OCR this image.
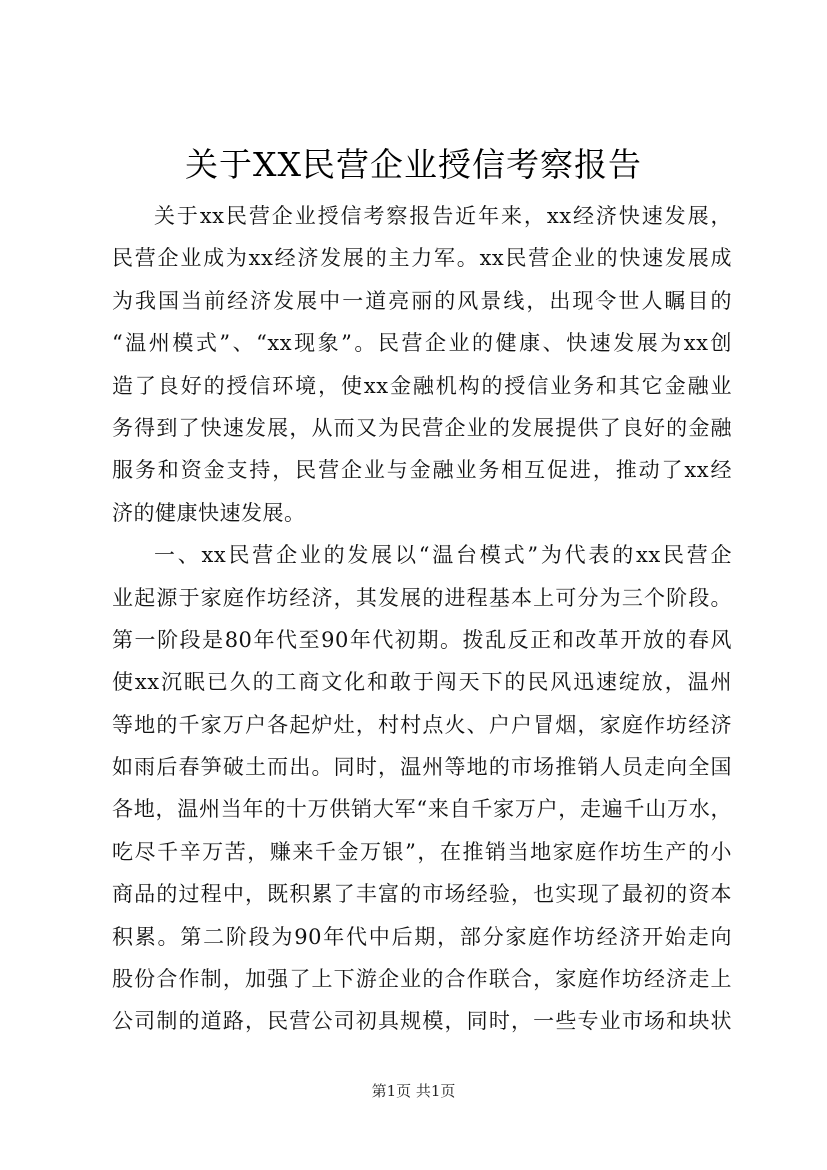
关于XX民营企业授信考察报告
关于xx民营企业授信考察报告近年来，xx经济快速发展，
民营企业成为xx经济发展的主力军。xx民营企业的快速发展成
为我国当前经济发展中一道亮丽的风景线，出现令世人瞩目的
“温州模式”、“xx现象”。民营企业的健康、快速发展为xx创
造了良好的授信环境，使xx金融机构的授信业务和其它金融业
务得到了快速发展，从而又为民营企业的发展提供了良好的金融
服务和资金支持，民营企业与金融业务相互促进，推动了xx经
济的健康快速发展。
一、xx民营企业的发展以“温台模式”为代表的xx民营企
业起源于家庭作坊经济，其发展的进程基本上可分为三个阶段。
第一阶段是80年代至90年代初期。拨乱反正和改革开放的春风
使xx沉眠已久的工商文化和敢于闯天下的民风迅速绽放，温州
等地的千家万户各起炉灶，村村点火、户户冒烟，家庭作坊经济
如雨后春笋破土而出。同时，温州等地的市场推销人员走向全国
各地，温州当年的十万供销大军“来自千家万户，走遍千山万水，
吃尽千辛万苦，赚来千金万银”，在推销当地家庭作坊生产的小
商品的过程中，既积累了丰富的市场经验，也实现了最初的资本
积累。第二阶段为90年代中后期，部分家庭作坊经济开始走向
股份合作制，加强了上下游企业的合作联合，家庭作坊经济走上
公司制的道路，民营公司初具规模，同时，一些专业市场和块状
第1页 共1页
